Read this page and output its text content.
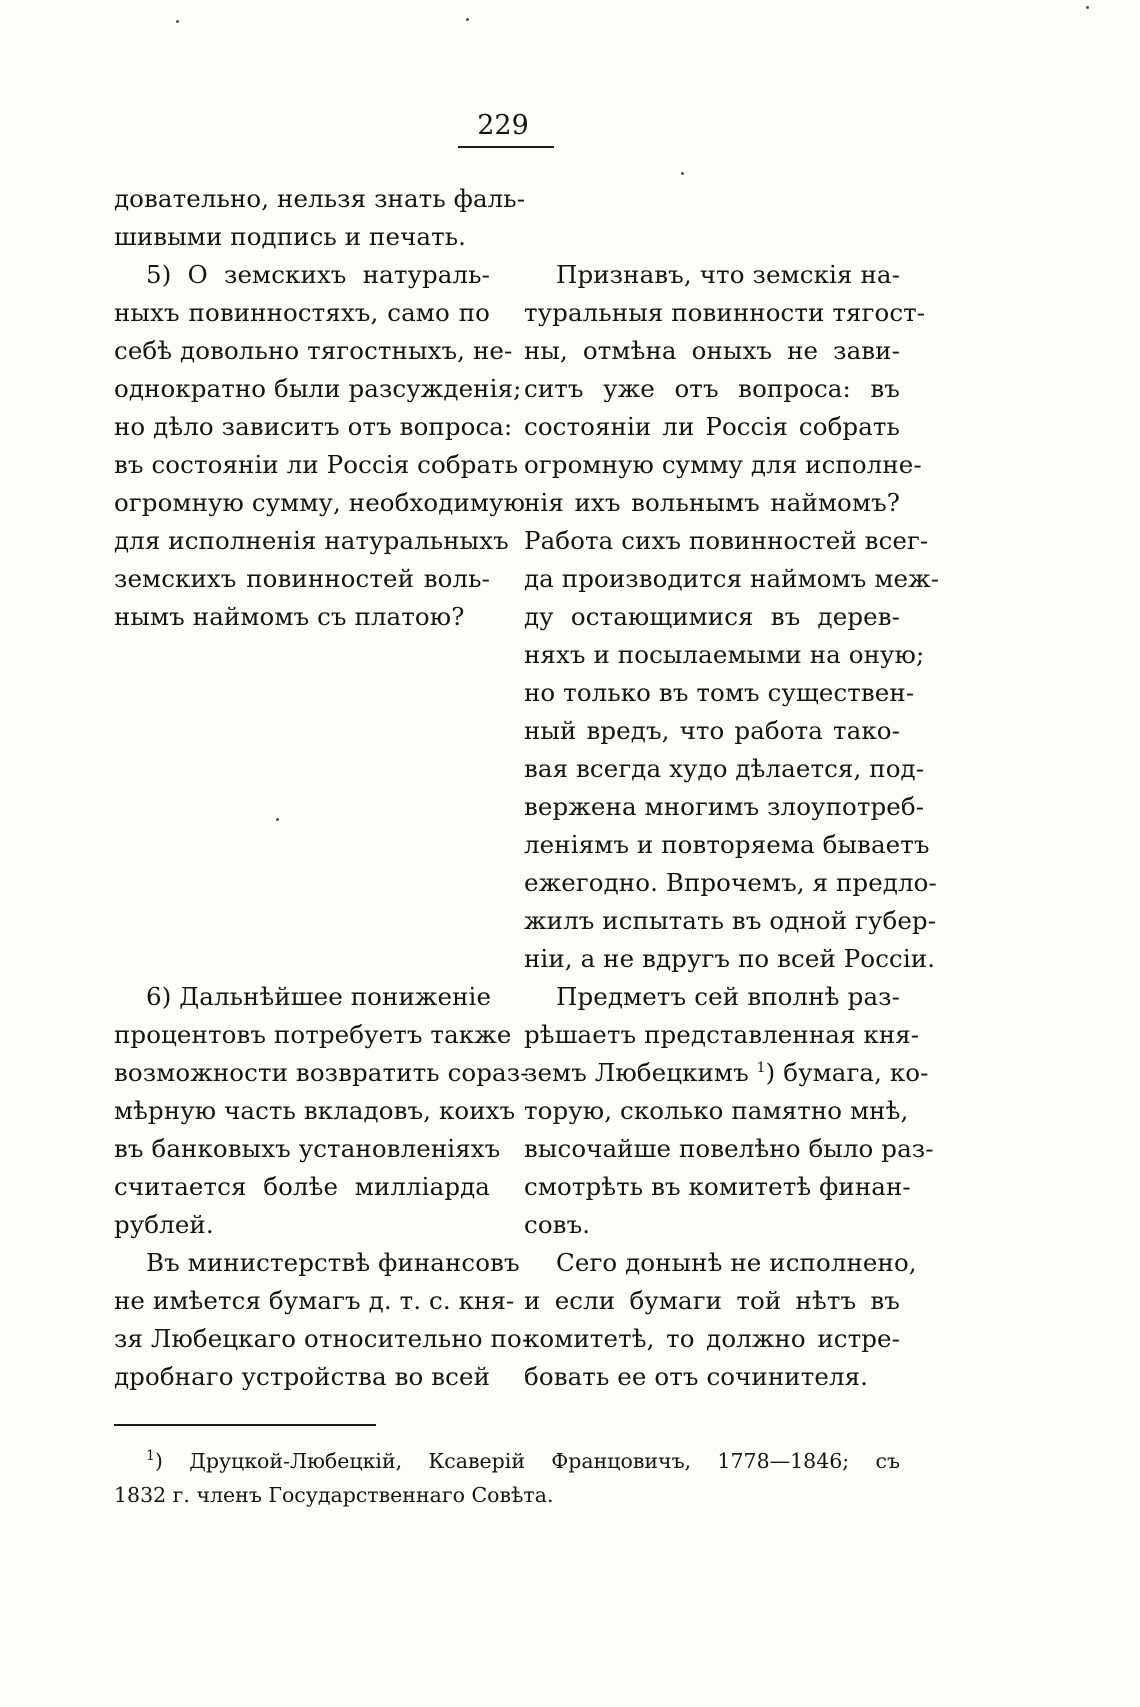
229
довательно, нельзя знать фаль-
шивыми подпись и печать.
5) О земскихъ натураль-
ныхъ повинностяхъ, само по
себѣ довольно тягостныхъ, не-
однократно были разсужденія;
но дѣло зависитъ отъ вопроса:
въ состояніи ли Россія собрать
огромную сумму, необходимую
для исполненія натуральныхъ
земскихъ повинностей воль-
нымъ наймомъ съ платою?
6) Дальнѣйшее пониженіе
процентовъ потребуетъ также
возможности возвратить сораз-
мѣрную часть вкладовъ, коихъ
въ банковыхъ установленіяхъ
считается болѣе миллiарда
рублей.
Въ министерствѣ финансовъ
не имѣется бумагъ д. т. с. кня-
зя Любецкаго относительно по-
дробнаго устройства во всей
Признавъ, что земскія на-
туральныя повинности тягост-
ны, отмѣна оныхъ не зави-
ситъ уже отъ вопроса: въ
состояніи ли Россія собрать
огромную сумму для исполне-
нія ихъ вольнымъ наймомъ?
Работа сихъ повинностей всег-
да производится наймомъ меж-
ду остающимися въ дерев-
няхъ и посылаемыми на оную;
но только въ томъ существен-
ный вредъ, что работа тако-
вая всегда худо дѣлается, под-
вержена многимъ злоупотреб-
леніямъ и повторяема бываетъ
ежегодно. Впрочемъ, я предло-
жилъ испытать въ одной губер-
ніи, а не вдругъ по всей Россіи.
Предметъ сей вполнѣ раз-
рѣшаетъ представленная кня-
земъ Любецкимъ $^1$) бумага, ко-
торую, сколько памятно мнѣ,
высочайше повелѣно было раз-
смотрѣть въ комитетѣ финан-
совъ.
Сего донынѣ не исполнено,
и если бумаги той нѣтъ въ
комитетѣ, то должно истре-
бовать ее отъ сочинителя.
$^1$) Друцкой-Любецкій, Ксаверій Францовичъ, 1778—1846; съ
1832 г. членъ Государственнаго Совѣта.
